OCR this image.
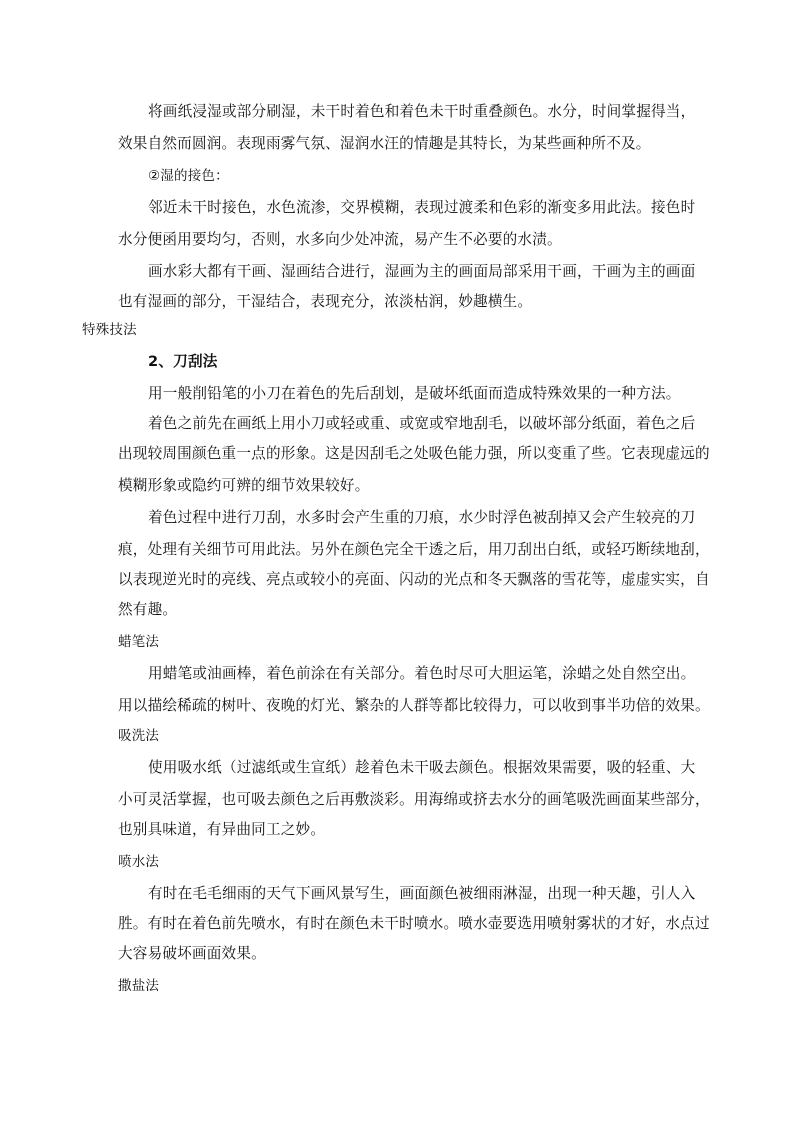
将画纸浸湿或部分刷湿，未干时着色和着色未干时重叠颜色。水分，时间掌握得当，
效果自然而圆润。表现雨雾气氛、湿润水汪的情趣是其特长，为某些画种所不及。
②湿的接色：
邻近未干时接色，水色流渗，交界模糊，表现过渡柔和色彩的渐变多用此法。接色时
水分便函用要均匀，否则，水多向少处冲流，易产生不必要的水渍。
画水彩大都有干画、湿画结合进行，湿画为主的画面局部采用干画，干画为主的画面
也有湿画的部分，干湿结合，表现充分，浓淡枯润，妙趣横生。
特殊技法
2、刀刮法
用一般削铅笔的小刀在着色的先后刮划，是破坏纸面而造成特殊效果的一种方法。
着色之前先在画纸上用小刀或轻或重、或宽或窄地刮毛，以破坏部分纸面，着色之后
出现较周围颜色重一点的形象。这是因刮毛之处吸色能力强，所以变重了些。它表现虚远的
模糊形象或隐约可辨的细节效果较好。
着色过程中进行刀刮，水多时会产生重的刀痕，水少时浮色被刮掉又会产生较亮的刀
痕，处理有关细节可用此法。另外在颜色完全干透之后，用刀刮出白纸，或轻巧断续地刮，
以表现逆光时的亮线、亮点或较小的亮面、闪动的光点和冬天飘落的雪花等，虚虚实实，自
然有趣。
蜡笔法
用蜡笔或油画棒，着色前涂在有关部分。着色时尽可大胆运笔，涂蜡之处自然空出。
用以描绘稀疏的树叶、夜晚的灯光、繁杂的人群等都比较得力，可以收到事半功倍的效果。
吸洗法
使用吸水纸（过滤纸或生宣纸）趁着色未干吸去颜色。根据效果需要，吸的轻重、大
小可灵活掌握，也可吸去颜色之后再敷淡彩。用海绵或挤去水分的画笔吸洗画面某些部分，
也别具味道，有异曲同工之妙。
喷水法
有时在毛毛细雨的天气下画风景写生，画面颜色被细雨淋湿，出现一种天趣，引人入
胜。有时在着色前先喷水，有时在颜色未干时喷水。喷水壶要选用喷射雾状的才好，水点过
大容易破坏画面效果。
撒盐法
